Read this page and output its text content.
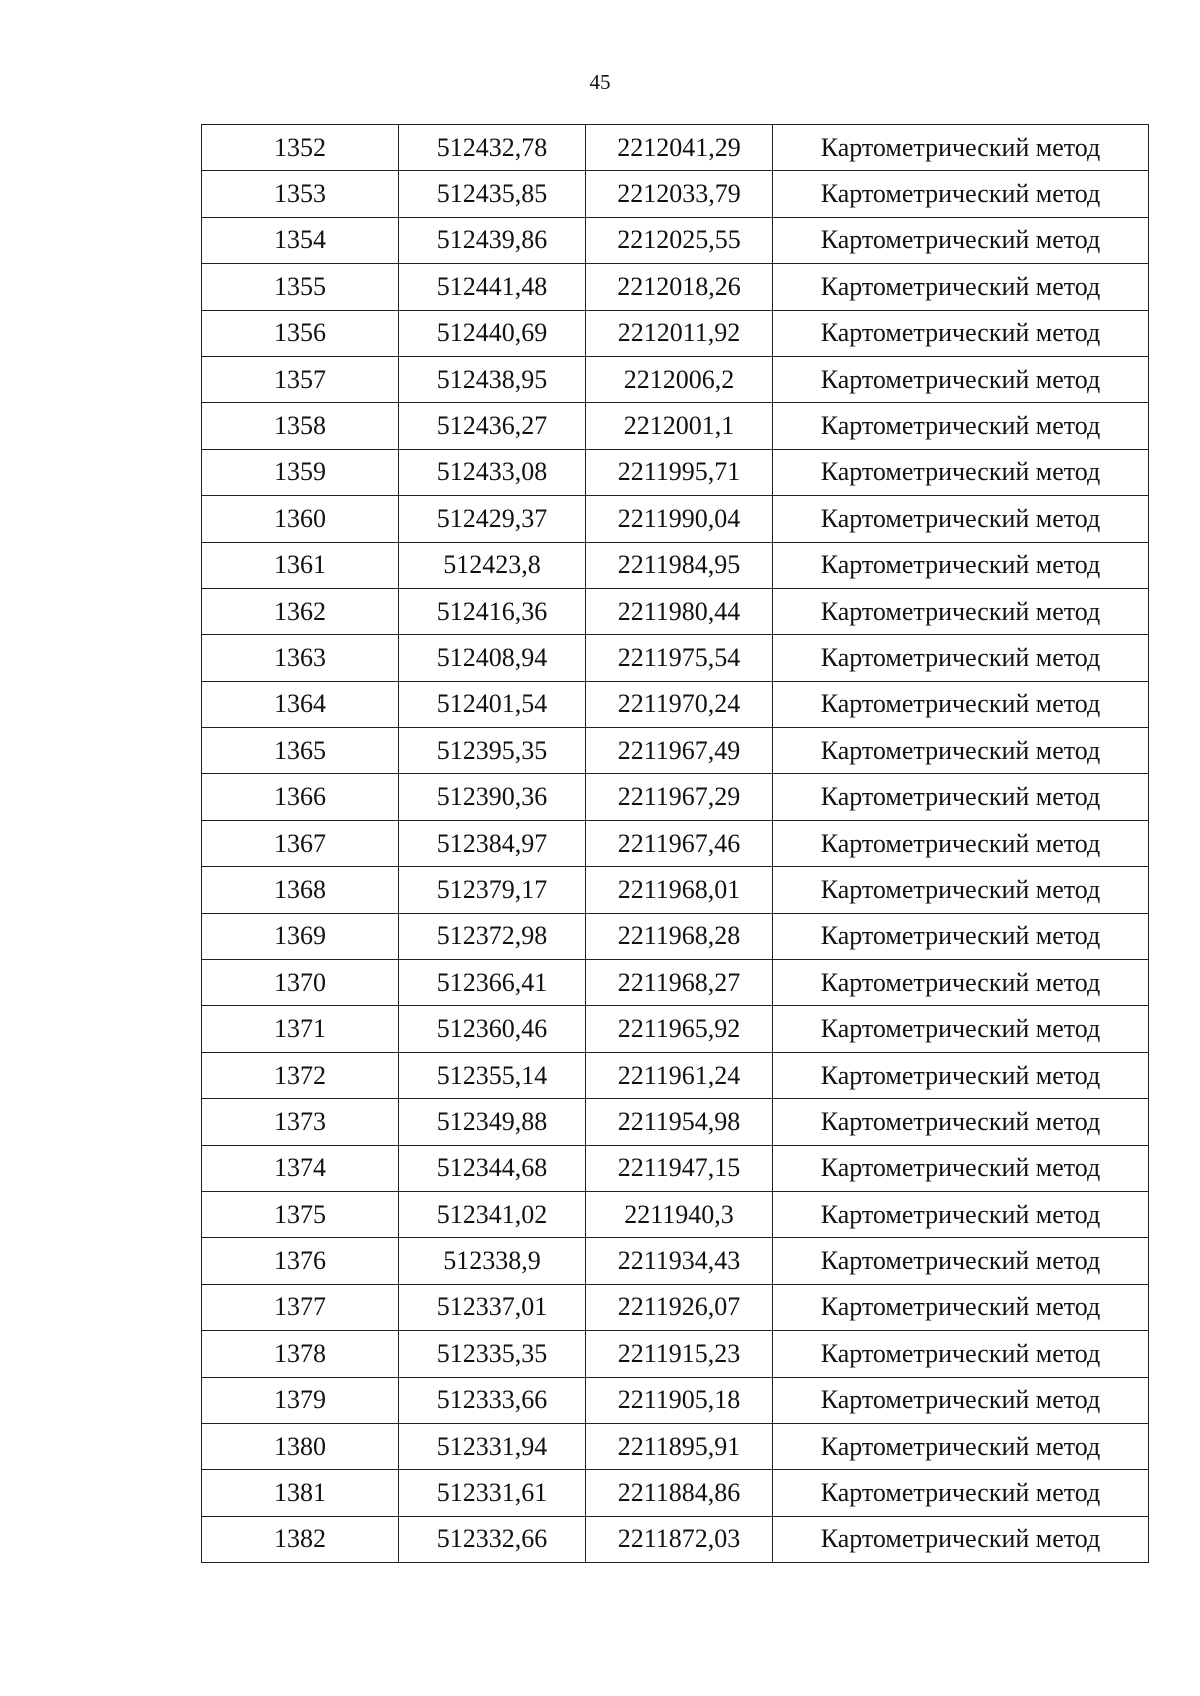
45
1352	512432,78	2212041,29	Картометрический метод
1353	512435,85	2212033,79	Картометрический метод
1354	512439,86	2212025,55	Картометрический метод
1355	512441,48	2212018,26	Картометрический метод
1356	512440,69	2212011,92	Картометрический метод
1357	512438,95	2212006,2	Картометрический метод
1358	512436,27	2212001,1	Картометрический метод
1359	512433,08	2211995,71	Картометрический метод
1360	512429,37	2211990,04	Картометрический метод
1361	512423,8	2211984,95	Картометрический метод
1362	512416,36	2211980,44	Картометрический метод
1363	512408,94	2211975,54	Картометрический метод
1364	512401,54	2211970,24	Картометрический метод
1365	512395,35	2211967,49	Картометрический метод
1366	512390,36	2211967,29	Картометрический метод
1367	512384,97	2211967,46	Картометрический метод
1368	512379,17	2211968,01	Картометрический метод
1369	512372,98	2211968,28	Картометрический метод
1370	512366,41	2211968,27	Картометрический метод
1371	512360,46	2211965,92	Картометрический метод
1372	512355,14	2211961,24	Картометрический метод
1373	512349,88	2211954,98	Картометрический метод
1374	512344,68	2211947,15	Картометрический метод
1375	512341,02	2211940,3	Картометрический метод
1376	512338,9	2211934,43	Картометрический метод
1377	512337,01	2211926,07	Картометрический метод
1378	512335,35	2211915,23	Картометрический метод
1379	512333,66	2211905,18	Картометрический метод
1380	512331,94	2211895,91	Картометрический метод
1381	512331,61	2211884,86	Картометрический метод
1382	512332,66	2211872,03	Картометрический метод
